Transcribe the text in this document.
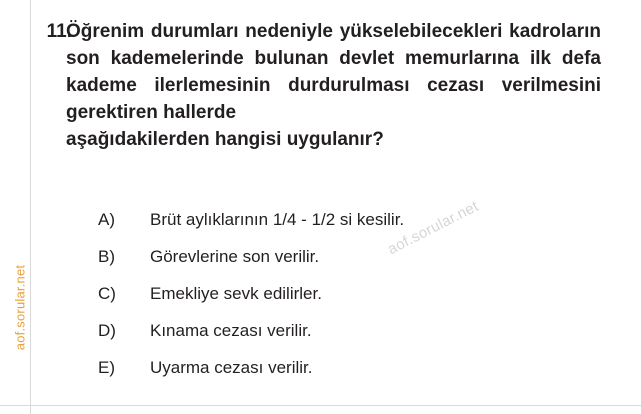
aof.sorular.net
11.
Öğrenim durumları nedeniyle yükselebilecekleri kadroların son kademelerinde bulunan devlet memurlarına ilk defa kademe ilerlemesinin durdurulması cezası verilmesini gerektiren hallerde
aşağıdakilerden hangisi uygulanır?
A)	Brüt aylıklarının 1/4 - 1/2 si kesilir.
B)	Görevlerine son verilir.
C)	Emekliye sevk edilirler.
D)	Kınama cezası verilir.
E)	Uyarma cezası verilir.
aof.sorular.net
